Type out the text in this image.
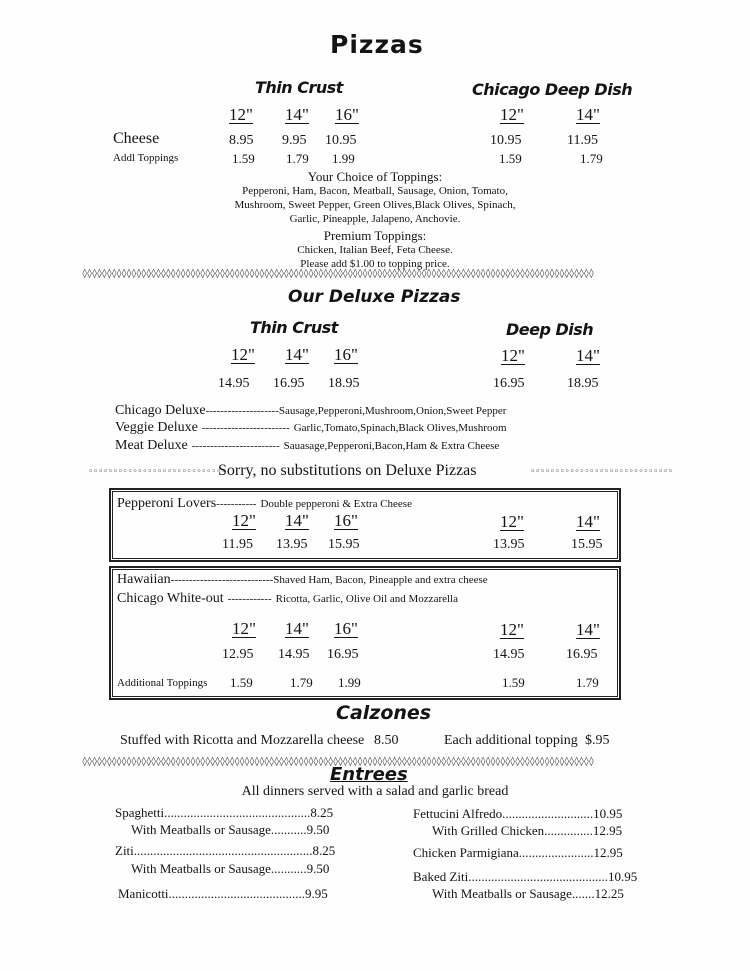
Pizzas
Thin Crust	Chicago Deep Dish
12" 14" 16"	12"	14"
Cheese	8.95 9.95 10.95	10.95	11.95
Addl Toppings	1.59 1.79 1.99	1.59	1.79
Your Choice of Toppings:
Pepperoni, Ham, Bacon, Meatball, Sausage, Onion, Tomato,
Mushroom, Sweet Pepper, Green Olives,Black Olives, Spinach,
Garlic, Pineapple, Jalapeno, Anchovie.
Premium Toppings:
Chicken, Italian Beef, Feta Cheese.
Please add $1.00 to topping price.
◊◊◊◊◊◊◊◊◊◊◊◊◊◊◊◊◊◊◊◊◊◊◊◊◊◊◊◊◊◊◊◊◊◊◊◊◊◊◊◊◊◊◊◊◊◊◊◊◊◊◊◊◊◊◊◊◊◊◊◊◊◊◊◊◊◊◊◊◊◊◊◊◊◊◊◊◊◊◊◊◊◊◊◊◊◊◊◊◊◊◊◊◊◊◊◊◊◊◊◊◊◊◊◊
Our Deluxe Pizzas
Thin Crust	Deep Dish
12" 14" 16"	12"	14"
14.95 16.95 18.95	16.95	18.95
Chicago Deluxe--------------------Sausage,Pepperoni,Mushroom,Onion,Sweet Pepper
Veggie Deluxe ------------------------ Garlic,Tomato,Spinach,Black Olives,Mushroom
Meat Deluxe ------------------------ Sauasage,Pepperoni,Bacon,Ham & Extra Cheese
◦◦◦◦◦◦◦◦◦◦◦◦◦◦◦◦◦◦◦◦◦◦◦◦◦◦◦◦
Sorry, no substitutions on Deluxe Pizzas	◦◦◦◦◦◦◦◦◦◦◦◦◦◦◦◦◦◦◦◦◦◦◦◦◦◦◦◦◦
Pepperoni Lovers----------- Double pepperoni & Extra Cheese
12" 14" 16"	12"	14"
11.95 13.95 15.95	13.95	15.95
Hawaiian----------------------------Shaved Ham, Bacon, Pineapple and extra cheese
Chicago White-out ------------ Ricotta, Garlic, Olive Oil and Mozzarella
12" 14" 16"	12"	14"
12.95 14.95 16.95	14.95	16.95
Additional Toppings 1.59	1.79 1.99	1.59	1.79
Calzones
Stuffed with Ricotta and Mozzarella cheese 8.50	Each additional topping $.95
◊◊◊◊◊◊◊◊◊◊◊◊◊◊◊◊◊◊◊◊◊◊◊◊◊◊◊◊◊◊◊◊◊◊◊◊◊◊◊◊◊◊◊◊◊◊◊◊◊◊◊◊◊◊◊◊◊◊◊◊◊◊◊◊◊◊◊◊◊◊◊◊◊◊◊◊◊◊◊◊◊◊◊◊◊◊◊◊◊◊◊◊◊◊◊◊◊◊◊◊◊◊◊◊
Entrees
All dinners served with a salad and garlic bread
Spaghetti.............................................8.25
With Meatballs or Sausage...........9.50
Ziti.......................................................8.25
With Meatballs or Sausage...........9.50
Manicotti..........................................9.95
Fettucini Alfredo............................10.95
With Grilled Chicken...............12.95
Chicken Parmigiana.......................12.95
Baked Ziti...........................................10.95
With Meatballs or Sausage.......12.25
